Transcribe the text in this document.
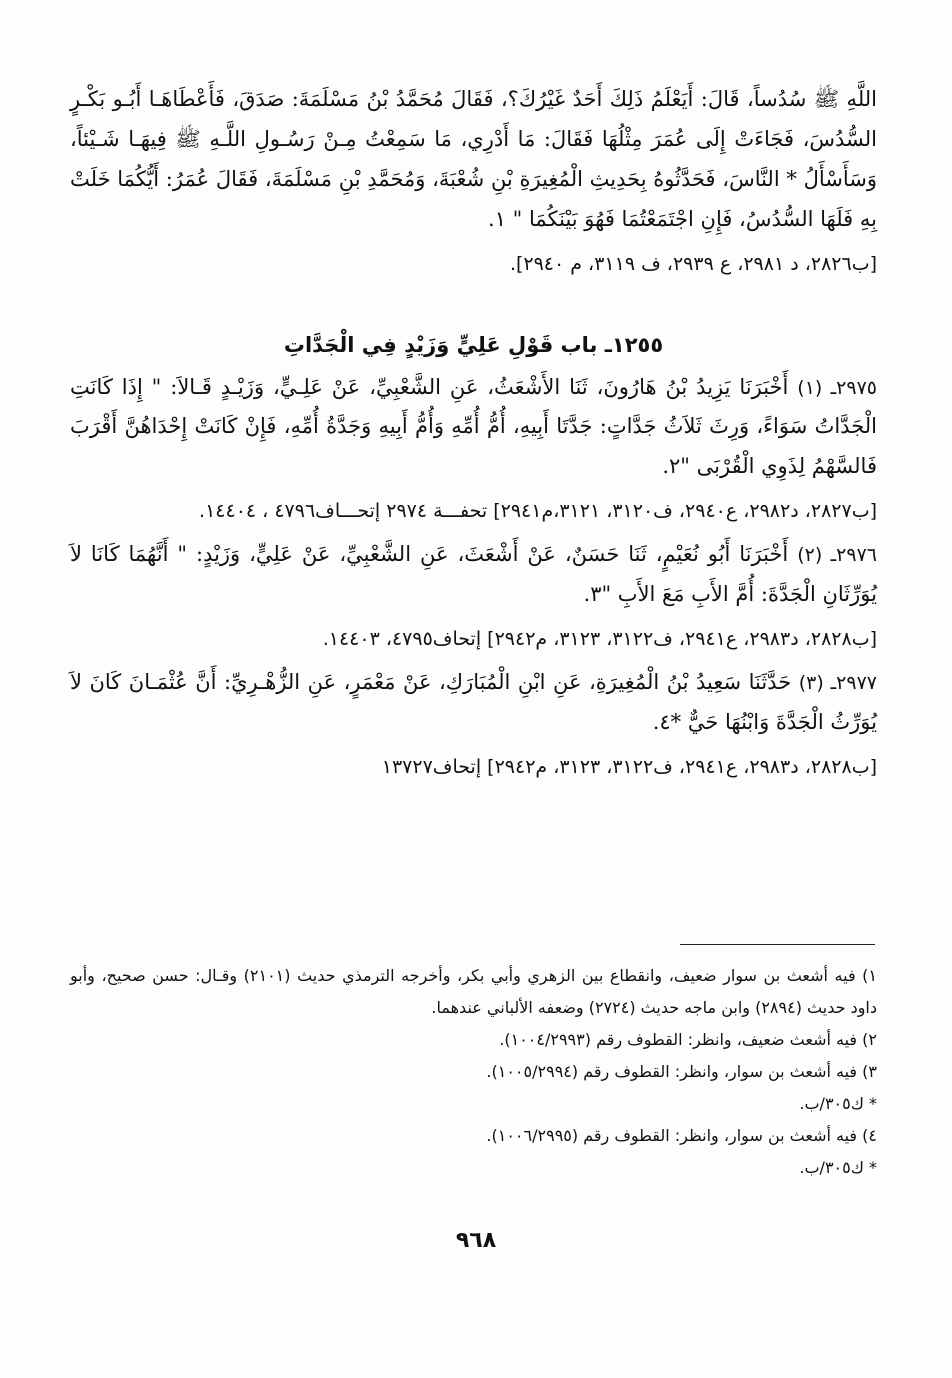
اللَّهِ ﷺ سُدُساً، قَالَ: أَيَعْلَمُ ذَلِكَ أَحَدٌ غَيْرُكَ؟، فَقَالَ مُحَمَّدُ بْنُ مَسْلَمَةَ: صَدَقَ، فَأَعْطَاهَـا أَبُـو بَكْـرٍ السُّدُسَ، فَجَاءَتْ إِلَى عُمَرَ مِثْلُهَا فَقَالَ: مَا أَدْرِي، مَا سَمِعْتُ مِـنْ رَسُـولِ اللَّـهِ ﷺ فِيهَـا شَـيْئاً، وَسَأَسْأَلُ * النَّاسَ، فَحَدَّثُوهُ بِحَدِيثِ الْمُغِيرَةِ بْنِ شُعْبَةَ، وَمُحَمَّدِ بْنِ مَسْلَمَةَ، فَقَالَ عُمَرُ: أَيُّكُمَا خَلَتْ بِهِ فَلَهَا السُّدُسُ، فَإِنِ اجْتَمَعْتُمَا فَهُوَ بَيْنَكُمَا " ١.

[ب٢٨٢٦، د ٢٩٨١، ع ٢٩٣٩، ف ٣١١٩، م ٢٩٤٠].

١٢٥٥ـ باب قَوْلِ عَلِيٍّ وَزَيْدٍ فِي الْجَدَّاتِ

٢٩٧٥ـ (١) أَخْبَرَنَا يَزِيدُ بْنُ هَارُونَ، ثَنَا الأَشْعَثُ، عَنِ الشَّعْبِيِّ، عَنْ عَلِـيٍّ، وَزَيْـدٍ قَـالاَ: " إِذَا كَانَتِ الْجَدَّاتُ سَوَاءً، وَرِثَ ثَلاَثُ جَدَّاتٍ: جَدَّتَا أَبِيهِ، أُمُّ أُمِّهِ وَأُمُّ أَبِيهِ وَجَدَّةُ أُمِّهِ، فَإِنْ كَانَتْ إِحْدَاهُنَّ أَقْرَبَ فَالسَّهْمُ لِذَوِي الْقُرْبَى "٢.

[ب٢٨٢٧، د٢٩٨٢، ع٢٩٤٠، ف٣١٢٠، ٣١٢١،م٢٩٤١] تحفـــة ٢٩٧٤ إتحـــاف٤٧٩٦ ، ١٤٤٠٤.

٢٩٧٦ـ (٢) أَخْبَرَنَا أَبُو نُعَيْمٍ، ثَنَا حَسَنٌ، عَنْ أَشْعَثَ، عَنِ الشَّعْبِيِّ، عَنْ عَلِيٍّ، وَزَيْدٍ: " أَنَّهُمَا كَانَا لاَ يُوَرِّثَانِ الْجَدَّةَ: أُمَّ الأَبِ مَعَ الأَبِ "٣.

[ب٢٨٢٨، د٢٩٨٣، ع٢٩٤١، ف٣١٢٢، ٣١٢٣، م٢٩٤٢] إتحاف٤٧٩٥، ١٤٤٠٣.

٢٩٧٧ـ (٣) حَدَّثَنَا سَعِيدُ بْنُ الْمُغِيرَةِ، عَنِ ابْنِ الْمُبَارَكِ، عَنْ مَعْمَرٍ، عَنِ الزُّهْـرِيِّ: أَنَّ عُثْمَـانَ كَانَ لاَ يُوَرِّثُ الْجَدَّةَ وَابْنُهَا حَيٌّ *٤.

[ب٢٨٢٨، د٢٩٨٣، ع٢٩٤١، ف٣١٢٢، ٣١٢٣، م٢٩٤٢] إتحاف١٣٧٢٧

١) فيه أشعث بن سوار ضعيف، وانقطاع بين الزهري وأبي بكر، وأخرجه الترمذي حديث (٢١٠١) وقـال: حسن صحيح، وأبو داود حديث (٢٨٩٤) وابن ماجه حديث (٢٧٢٤) وضعفه الألباني عندهما.

٢) فيه أشعث ضعيف، وانظر: القطوف رقم (١٠٠٤/٢٩٩٣).

٣) فيه أشعث بن سوار، وانظر: القطوف رقم (١٠٠٥/٢٩٩٤).

* ك٣٠٥/ب.

٤) فيه أشعث بن سوار، وانظر: القطوف رقم (١٠٠٦/٢٩٩٥).

* ك٣٠٥/ب.

٩٦٨
